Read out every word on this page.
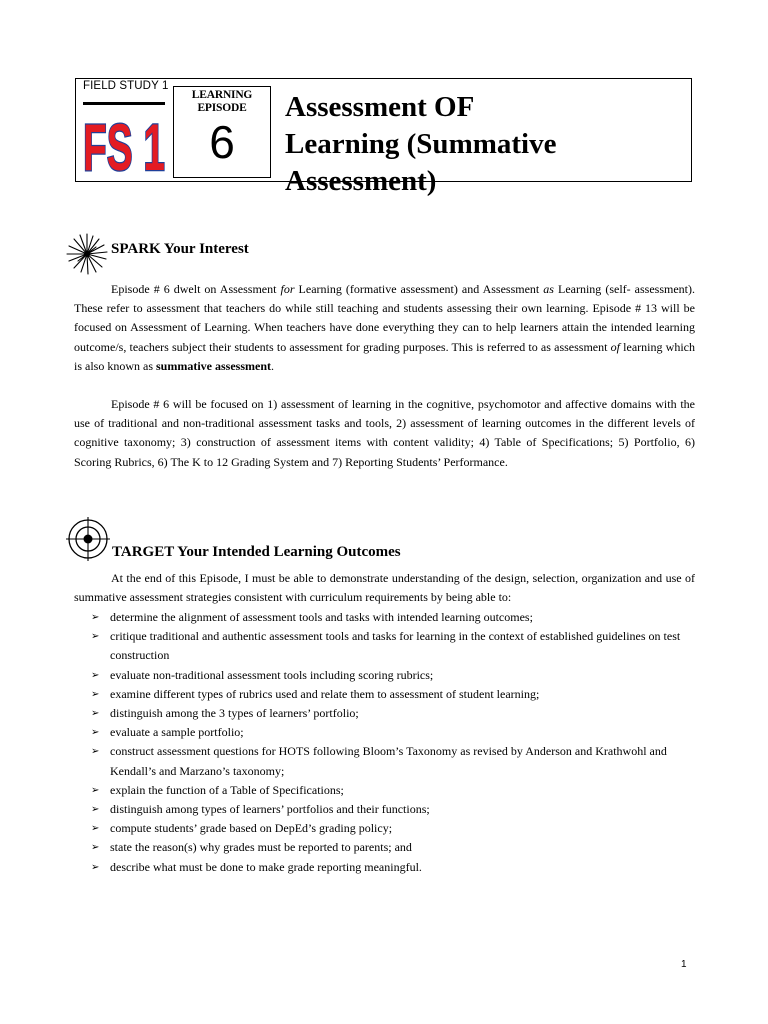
FIELD STUDY 1
FS 1
LEARNING
EPISODE
6
Assessment OF
Learning (Summative
Assessment)
SPARK Your Interest

Episode # 6 dwelt on Assessment for Learning (formative assessment) and Assessment as Learning (self- assessment). These refer to assessment that teachers do while still teaching and students assessing their own learning. Episode # 13 will be focused on Assessment of Learning. When teachers have done everything they can to help learners attain the intended learning outcome/s, teachers subject their students to assessment for grading purposes. This is referred to as assessment of learning which is also known as summative assessment.

Episode # 6 will be focused on 1) assessment of learning in the cognitive, psychomotor and affective domains with the use of traditional and non-traditional assessment tasks and tools, 2) assessment of learning outcomes in the different levels of cognitive taxonomy; 3) construction of assessment items with content validity; 4) Table of Specifications; 5) Portfolio, 6) Scoring Rubrics, 6) The K to 12 Grading System and 7) Reporting Students’ Performance.

TARGET Your Intended Learning Outcomes

At the end of this Episode, I must be able to demonstrate understanding of the design, selection, organization and use of summative assessment strategies consistent with curriculum requirements by being able to:

➢ determine the alignment of assessment tools and tasks with intended learning outcomes;
➢ critique traditional and authentic assessment tools and tasks for learning in the context of established guidelines on test construction
➢ evaluate non-traditional assessment tools including scoring rubrics;
➢ examine different types of rubrics used and relate them to assessment of student learning;
➢ distinguish among the 3 types of learners’ portfolio;
➢ evaluate a sample portfolio;
➢ construct assessment questions for HOTS following Bloom’s Taxonomy as revised by Anderson and Krathwohl and Kendall’s and Marzano’s taxonomy;
➢ explain the function of a Table of Specifications;
➢ distinguish among types of learners’ portfolios and their functions;
➢ compute students’ grade based on DepEd’s grading policy;
➢ state the reason(s) why grades must be reported to parents; and
➢ describe what must be done to make grade reporting meaningful.
1
